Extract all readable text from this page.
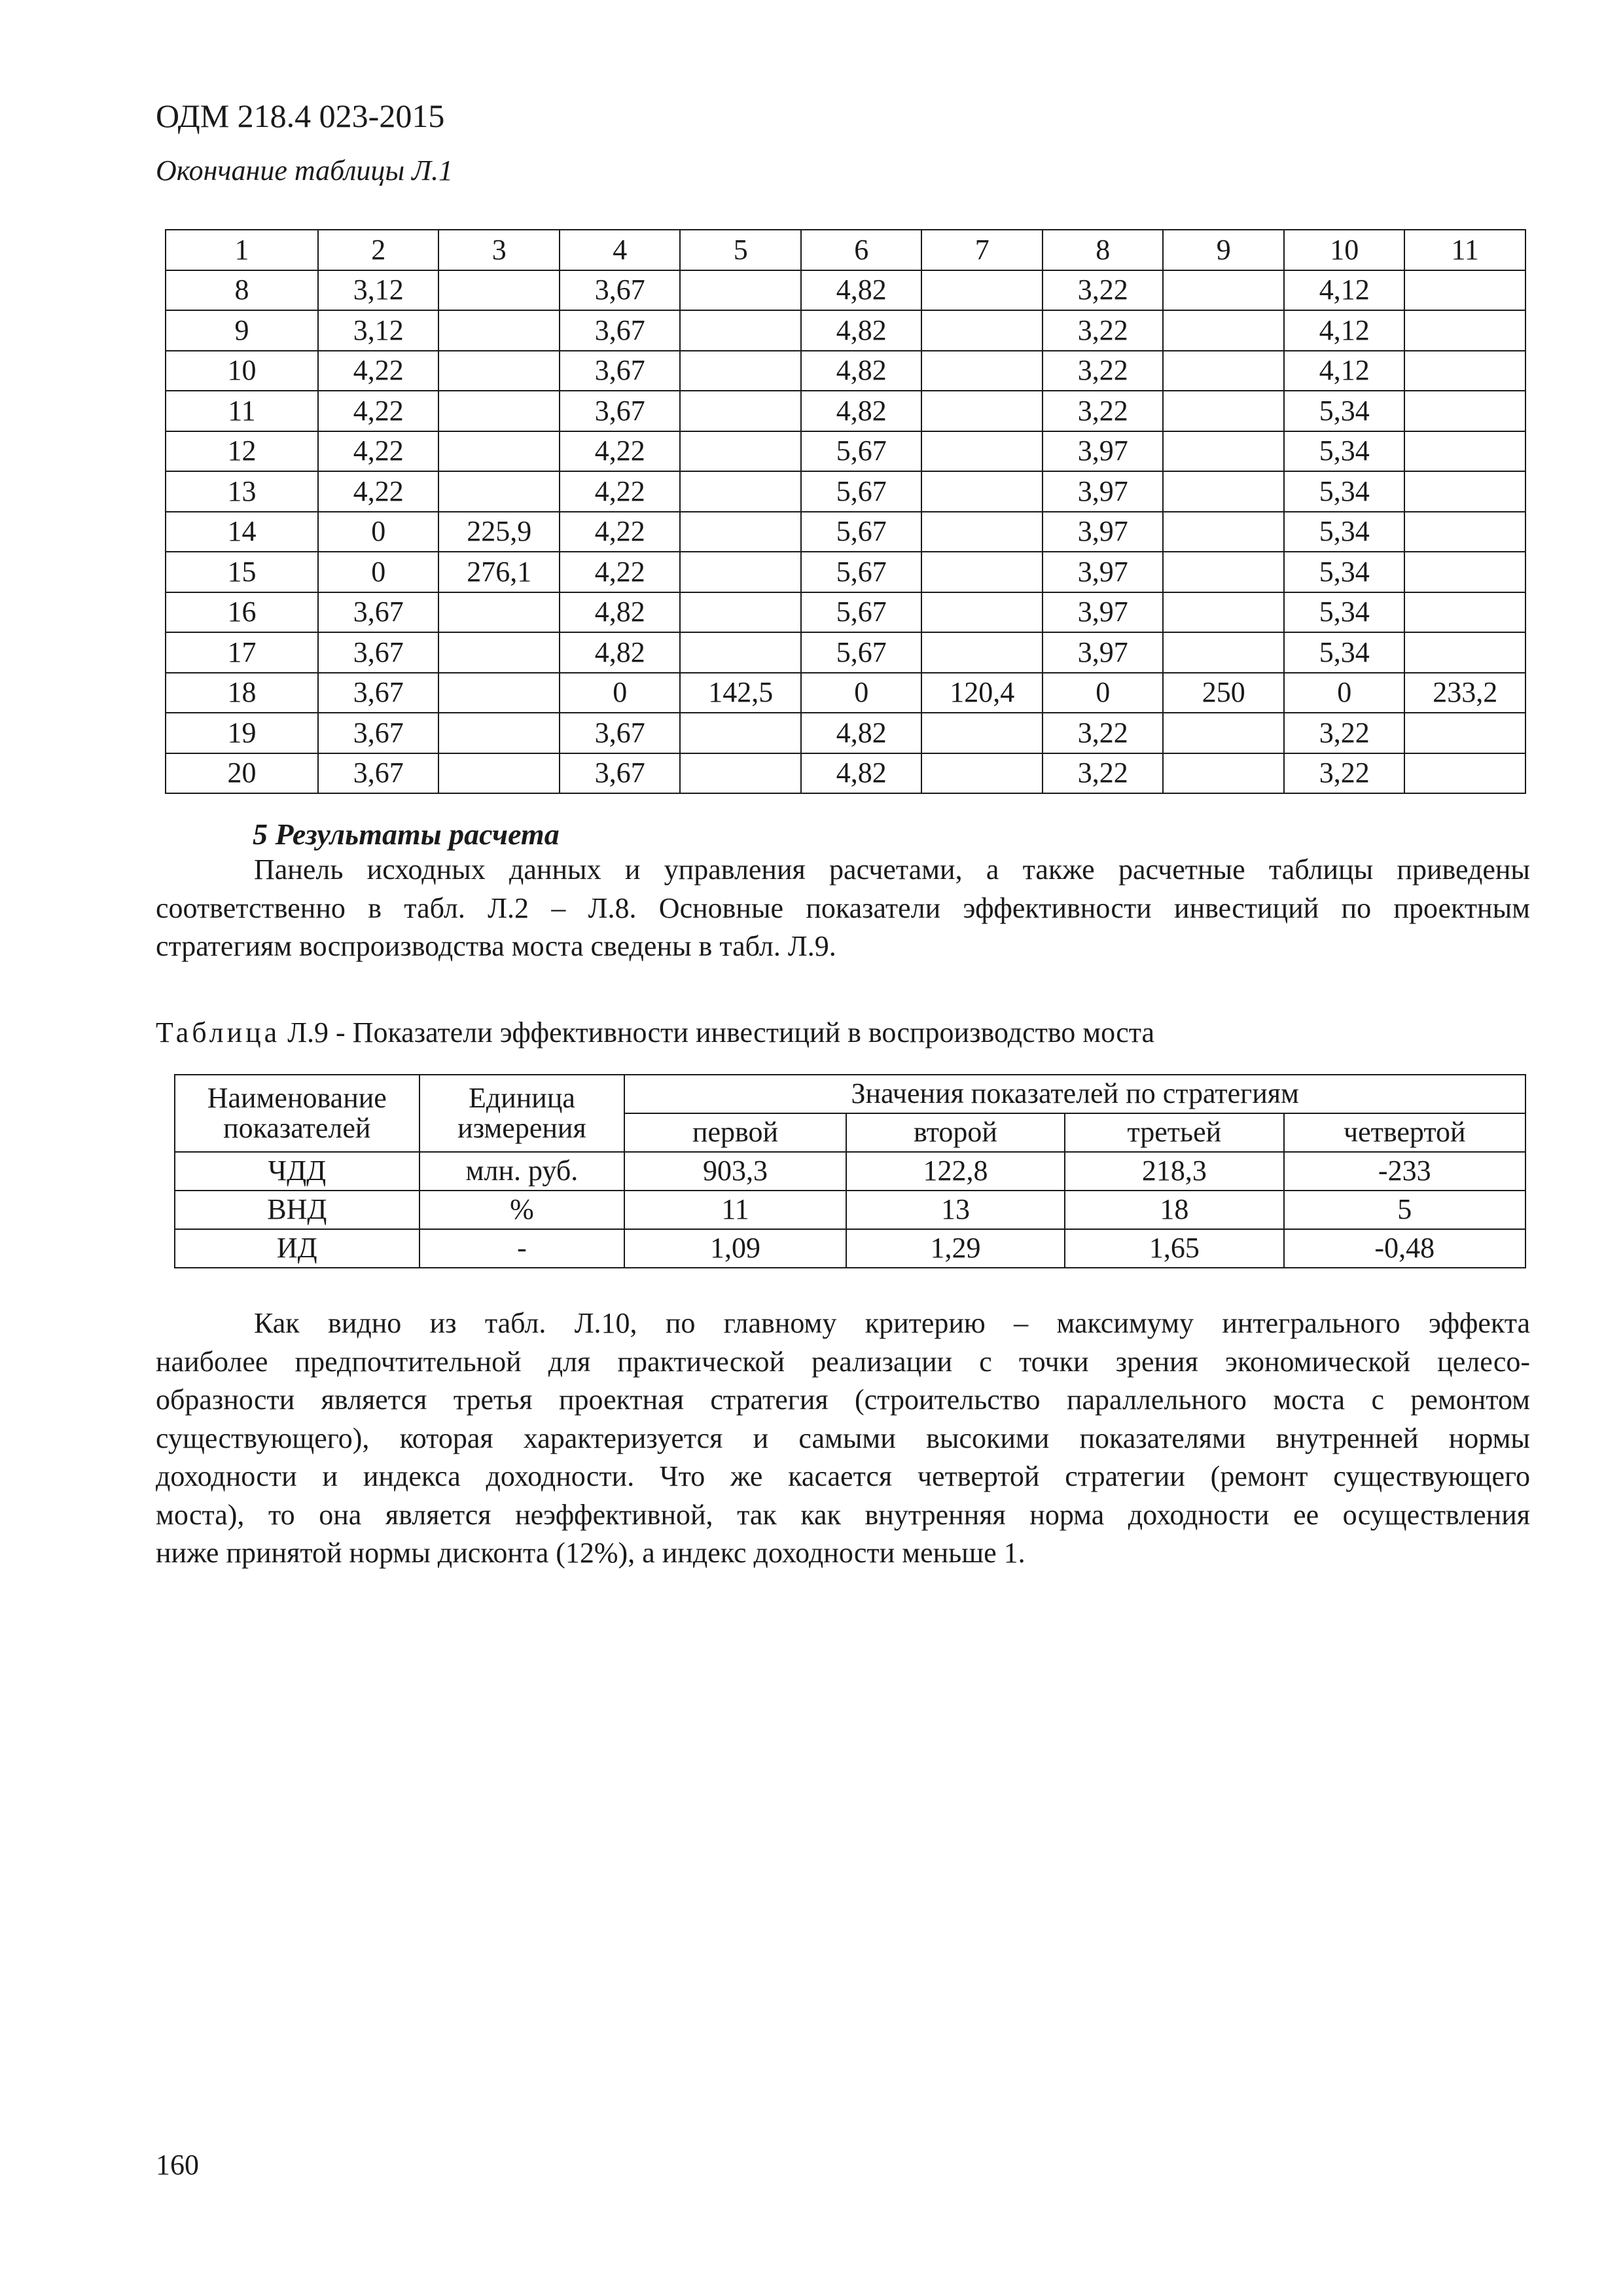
ОДМ 218.4 023-2015
Окончание таблицы Л.1
1	2	3	4	5	6	7	8	9	10	11
8	3,12		3,67		4,82		3,22		4,12	
9	3,12		3,67		4,82		3,22		4,12	
10	4,22		3,67		4,82		3,22		4,12	
11	4,22		3,67		4,82		3,22		5,34	
12	4,22		4,22		5,67		3,97		5,34	
13	4,22		4,22		5,67		3,97		5,34	
14	0	225,9	4,22		5,67		3,97		5,34	
15	0	276,1	4,22		5,67		3,97		5,34	
16	3,67		4,82		5,67		3,97		5,34	
17	3,67		4,82		5,67		3,97		5,34	
18	3,67		0	142,5	0	120,4	0	250	0	233,2
19	3,67		3,67		4,82		3,22		3,22	
20	3,67		3,67		4,82		3,22		3,22	
5 Результаты расчета
Панель исходных данных и управления расчетами, а также расчетные таблицы приведены
соответственно в табл. Л.2 – Л.8. Основные показатели эффективности инвестиций по проектным
стратегиям воспроизводства моста сведены в табл. Л.9.
Таблица Л.9 - Показатели эффективности инвестиций в воспроизводство моста
Наименование показателей	Единица измерения	Значения показателей по стратегиям			
		первой	второй	третьей	четвертой
ЧДД	млн. руб.	903,3	122,8	218,3	-233
ВНД	%	11	13	18	5
ИД	-	1,09	1,29	1,65	-0,48
Как видно из табл. Л.10, по главному критерию – максимуму интегрального эффекта
наиболее предпочтительной для практической реализации с точки зрения экономической целесо-
образности является третья проектная стратегия (строительство параллельного моста с ремонтом
существующего), которая характеризуется и самыми высокими показателями внутренней нормы
доходности и индекса доходности. Что же касается четвертой стратегии (ремонт существующего
моста), то она является неэффективной, так как внутренняя норма доходности ее осуществления
ниже принятой нормы дисконта (12%), а индекс доходности меньше 1.
160
